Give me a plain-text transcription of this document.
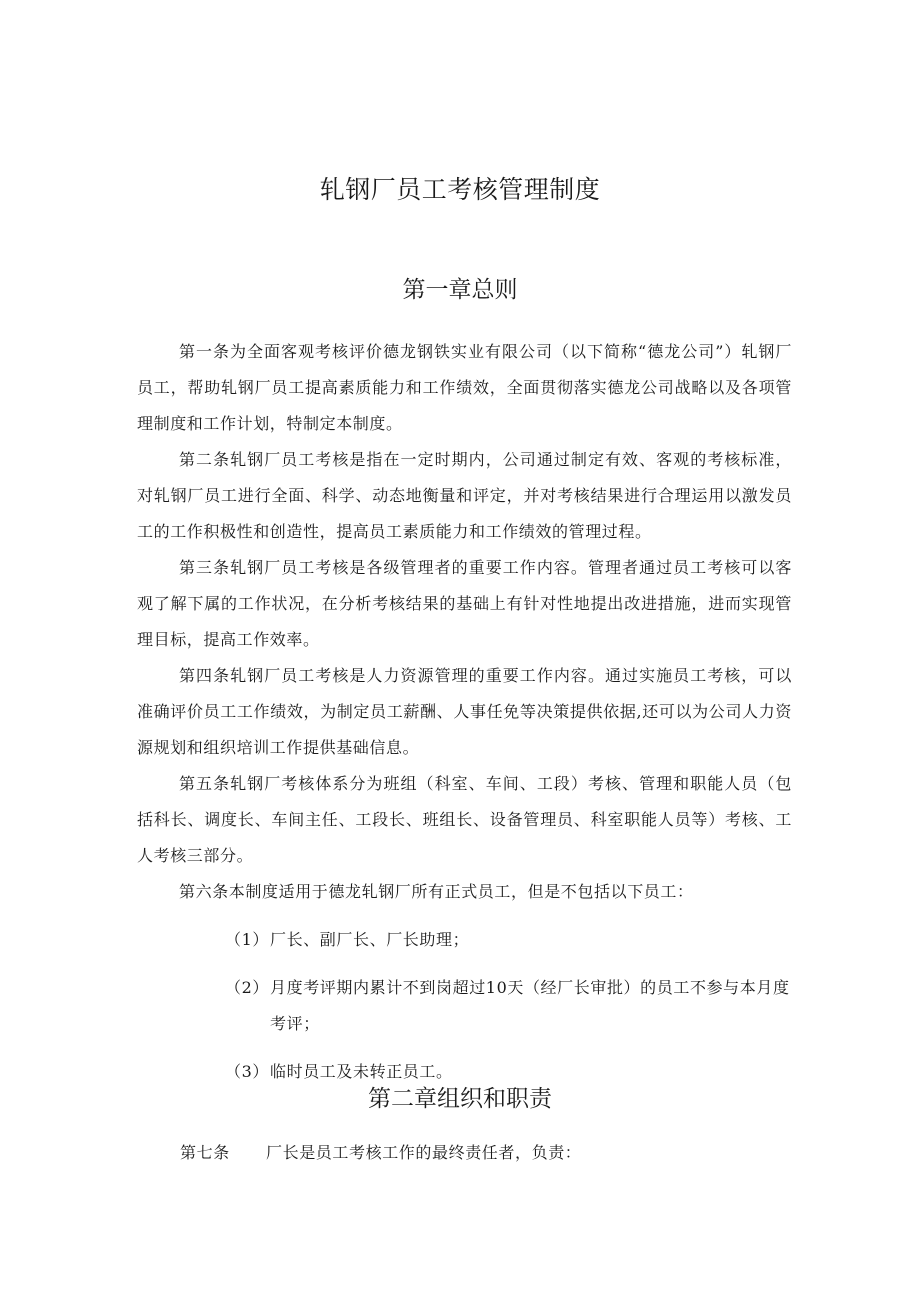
轧钢厂员工考核管理制度
第一章总则

第一条为全面客观考核评价德龙钢铁实业有限公司（以下简称“德龙公司”）轧钢厂员工，帮助轧钢厂员工提高素质能力和工作绩效，全面贯彻落实德龙公司战略以及各项管理制度和工作计划，特制定本制度。

第二条轧钢厂员工考核是指在一定时期内，公司通过制定有效、客观的考核标准，对轧钢厂员工进行全面、科学、动态地衡量和评定，并对考核结果进行合理运用以激发员工的工作积极性和创造性，提高员工素质能力和工作绩效的管理过程。

第三条轧钢厂员工考核是各级管理者的重要工作内容。管理者通过员工考核可以客观了解下属的工作状况，在分析考核结果的基础上有针对性地提出改进措施，进而实现管理目标，提高工作效率。

第四条轧钢厂员工考核是人力资源管理的重要工作内容。通过实施员工考核，可以准确评价员工工作绩效，为制定员工薪酬、人事任免等决策提供依据,还可以为公司人力资源规划和组织培训工作提供基础信息。

第五条轧钢厂考核体系分为班组（科室、车间、工段）考核、管理和职能人员（包括科长、调度长、车间主任、工段长、班组长、设备管理员、科室职能人员等）考核、工人考核三部分。

第六条本制度适用于德龙轧钢厂所有正式员工，但是不包括以下员工：

（1） 厂长、副厂长、厂长助理；

（2） 月度考评期内累计不到岗超过10天（经厂长审批）的员工不参与本月度考评；

（3） 临时员工及未转正员工。

第二章组织和职责
第七条 厂长是员工考核工作的最终责任者，负责：
